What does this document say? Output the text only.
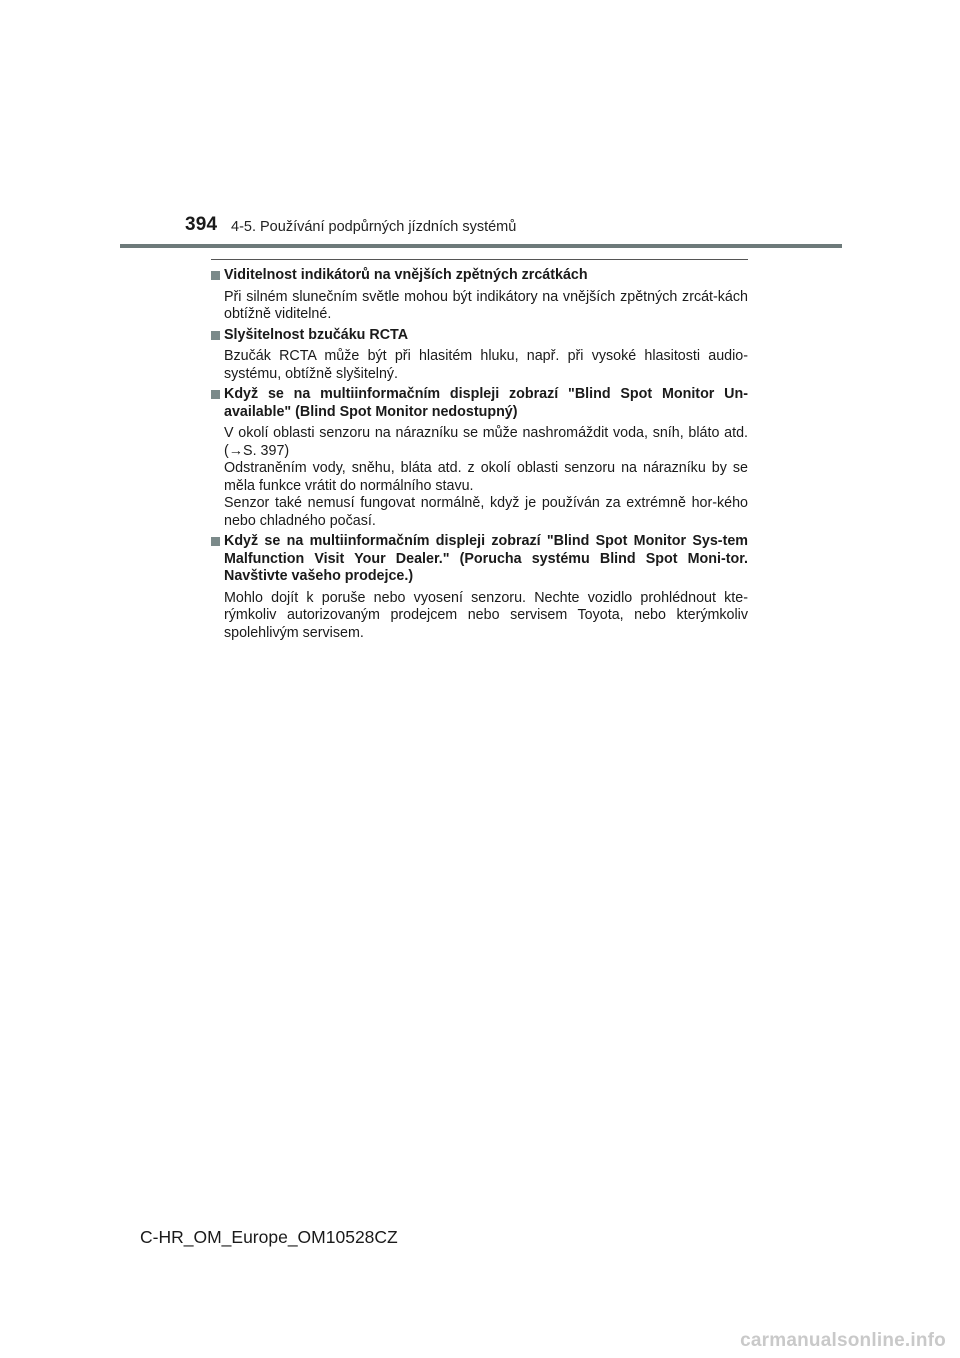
394 4-5. Používání podpůrných jízdních systémů
Viditelnost indikátorů na vnějších zpětných zrcátkách

Při silném slunečním světle mohou být indikátory na vnějších zpětných zrcát-kách obtížně viditelné.

Slyšitelnost bzučáku RCTA

Bzučák RCTA může být při hlasitém hluku, např. při vysoké hlasitosti audio-systému, obtížně slyšitelný.

Když se na multiinformačním displeji zobrazí "Blind Spot Monitor Un-available" (Blind Spot Monitor nedostupný)

V okolí oblasti senzoru na nárazníku se může nashromáždit voda, sníh, bláto atd. (→S. 397)

Odstraněním vody, sněhu, bláta atd. z okolí oblasti senzoru na nárazníku by se měla funkce vrátit do normálního stavu.

Senzor také nemusí fungovat normálně, když je používán za extrémně hor-kého nebo chladného počasí.

Když se na multiinformačním displeji zobrazí "Blind Spot Monitor Sys-tem Malfunction Visit Your Dealer." (Porucha systému Blind Spot Moni-tor. Navštivte vašeho prodejce.)

Mohlo dojít k poruše nebo vyosení senzoru. Nechte vozidlo prohlédnout kte-rýmkoliv autorizovaným prodejcem nebo servisem Toyota, nebo kterýmkoliv spolehlivým servisem.

C-HR_OM_Europe_OM10528CZ
carmanualsonline.info
